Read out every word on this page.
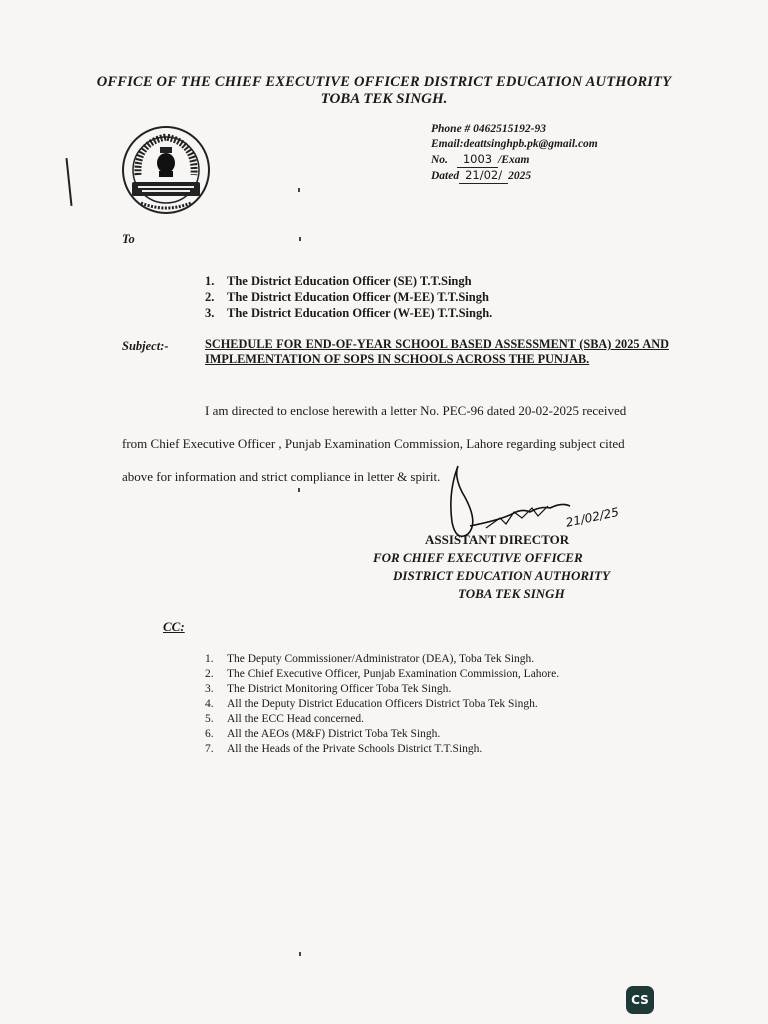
OFFICE OF THE CHIEF EXECUTIVE OFFICER DISTRICT EDUCATION AUTHORITY
TOBA TEK SINGH.
Phone # 0462515192-93
Email:deattsinghpb.pk@gmail.com
No. 1003 /Exam
Dated 21/02/ 2025
To
1. The District Education Officer (SE) T.T.Singh
2. The District Education Officer (M-EE) T.T.Singh
3. The District Education Officer (W-EE) T.T.Singh.
Subject:-	SCHEDULE FOR END-OF-YEAR SCHOOL BASED ASSESSMENT (SBA) 2025 AND IMPLEMENTATION OF SOPS IN SCHOOLS ACROSS THE PUNJAB.
I am directed to enclose herewith a letter No. PEC-96 dated 20-02-2025 received
from Chief Executive Officer , Punjab Examination Commission, Lahore regarding subject cited
above for information and strict compliance in letter & spirit.
ASSISTANT DIRECTOR
FOR CHIEF EXECUTIVE OFFICER
DISTRICT EDUCATION AUTHORITY
TOBA TEK SINGH
21/02/25
CC:
1. The Deputy Commissioner/Administrator (DEA), Toba Tek Singh.
2. The Chief Executive Officer, Punjab Examination Commission, Lahore.
3. The District Monitoring Officer Toba Tek Singh.
4. All the Deputy District Education Officers District Toba Tek Singh.
5. All the ECC Head concerned.
6. All the AEOs (M&F) District Toba Tek Singh.
7. All the Heads of the Private Schools District T.T.Singh.
CS
